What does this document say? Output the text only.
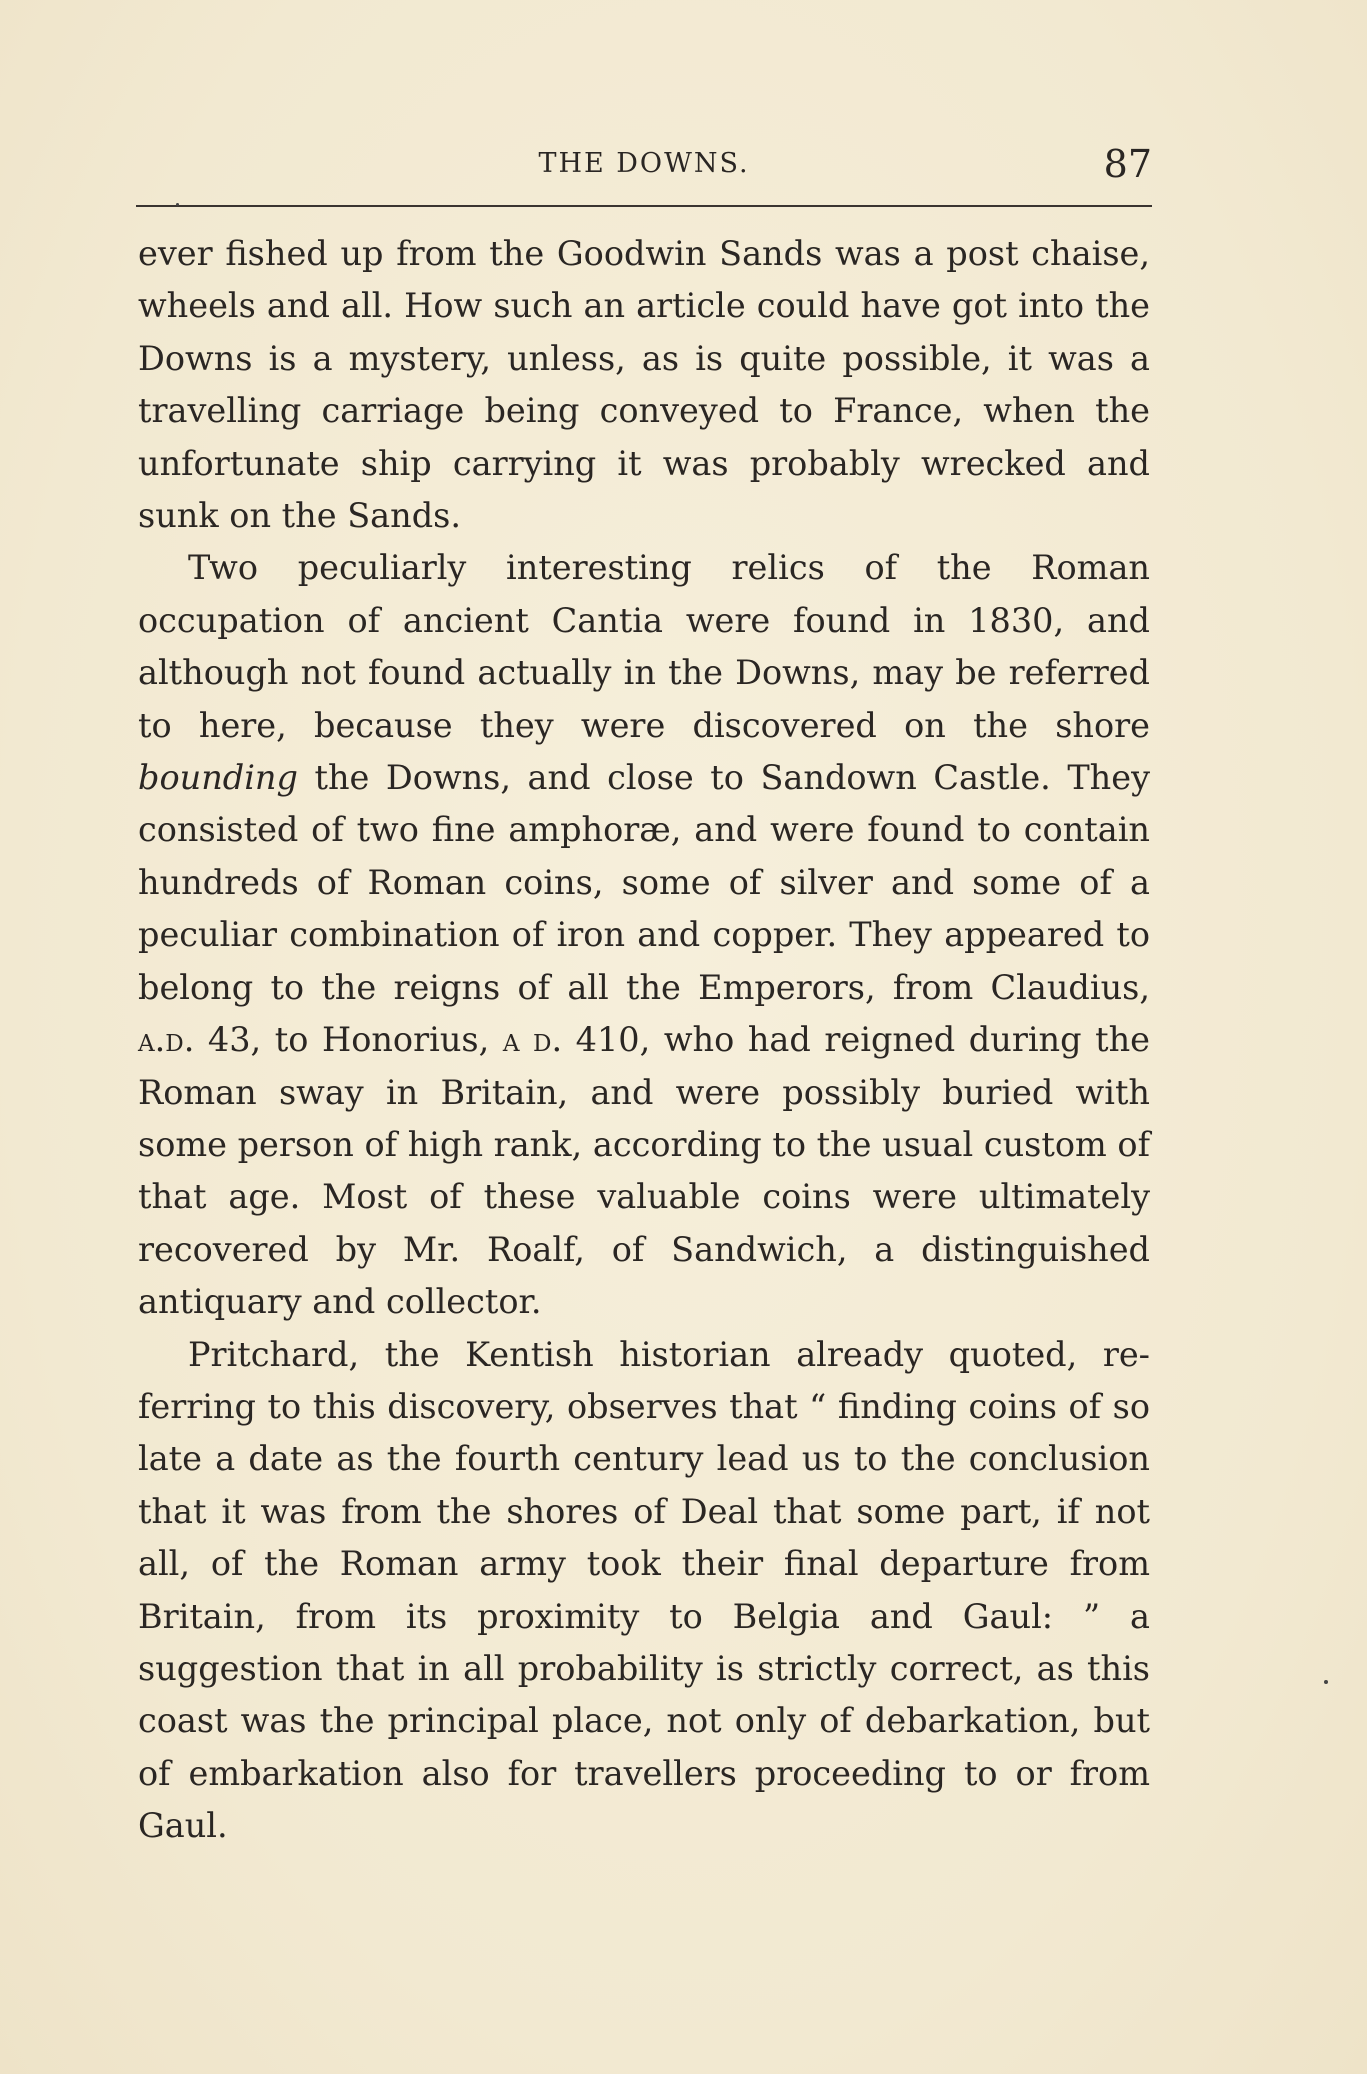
THE DOWNS.	87

ever fished up from the Goodwin Sands was a post chaise, wheels and all. How such an article could have got into the Downs is a mystery, unless, as is quite possible, it was a travelling carriage being conveyed to France, when the unfortunate ship carrying it was probably wrecked and sunk on the Sands.

Two peculiarly interesting relics of the Roman occupation of ancient Cantia were found in 1830, and although not found actually in the Downs, may be referred to here, because they were discovered on the shore bounding the Downs, and close to Sandown Castle. They consisted of two fine amphoræ, and were found to contain hundreds of Roman coins, some of silver and some of a peculiar combination of iron and copper. They appeared to belong to the reigns of all the Emperors, from Claudius, a.d. 43, to Honorius, a d. 410, who had reigned during the Roman sway in Britain, and were possibly buried with some person of high rank, according to the usual custom of that age. Most of these valuable coins were ultimately recovered by Mr. Roalf, of Sandwich, a distinguished antiquary and collector.

Pritchard, the Kentish historian already quoted, referring to this discovery, observes that “ finding coins of so late a date as the fourth century lead us to the conclusion that it was from the shores of Deal that some part, if not all, of the Roman army took their final departure from Britain, from its proximity to Belgia and Gaul: ” a suggestion that in all probability is strictly correct, as this coast was the principal place, not only of debarkation, but of embarkation also for travellers proceeding to or from Gaul.
